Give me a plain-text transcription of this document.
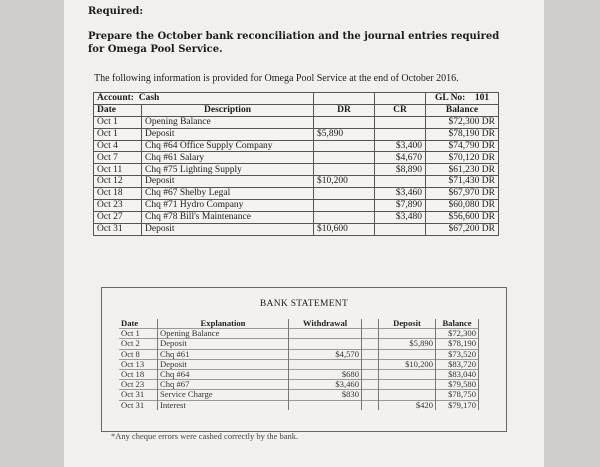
Required:
Prepare the October bank reconciliation and the journal entries required for Omega Pool Service.
The following information is provided for Omega Pool Service at the end of October 2016.
Account: Cash				GL No: 101
Date	Description	DR	CR	Balance
Oct 1	Opening Balance			$72,300 DR
Oct 1	Deposit	$5,890		$78,190 DR
Oct 4	Chq #64 Office Supply Company		$3,400	$74,790 DR
Oct 7	Chq #61 Salary		$4,670	$70,120 DR
Oct 11	Chq #75 Lighting Supply		$8,890	$61,230 DR
Oct 12	Deposit	$10,200		$71,430 DR
Oct 18	Chq #67 Shelby Legal		$3,460	$67,970 DR
Oct 23	Chq #71 Hydro Company		$7,890	$60,080 DR
Oct 27	Chq #78 Bill's Maintenance		$3,480	$56,600 DR
Oct 31	Deposit	$10,600		$67,200 DR
BANK STATEMENT
Date	Explanation	Withdrawal		Deposit	Balance
Oct 1	Opening Balance				$72,300
Oct 2	Deposit			$5,890	$78,190
Oct 8	Chq #61	$4,570			$73,520
Oct 13	Deposit			$10,200	$83,720
Oct 18	Chq #64	$680			$83,040
Oct 23	Chq #67	$3,460			$79,580
Oct 31	Service Charge	$830			$78,750
Oct 31	Interest			$420	$79,170
*Any cheque errors were cashed correctly by the bank.
